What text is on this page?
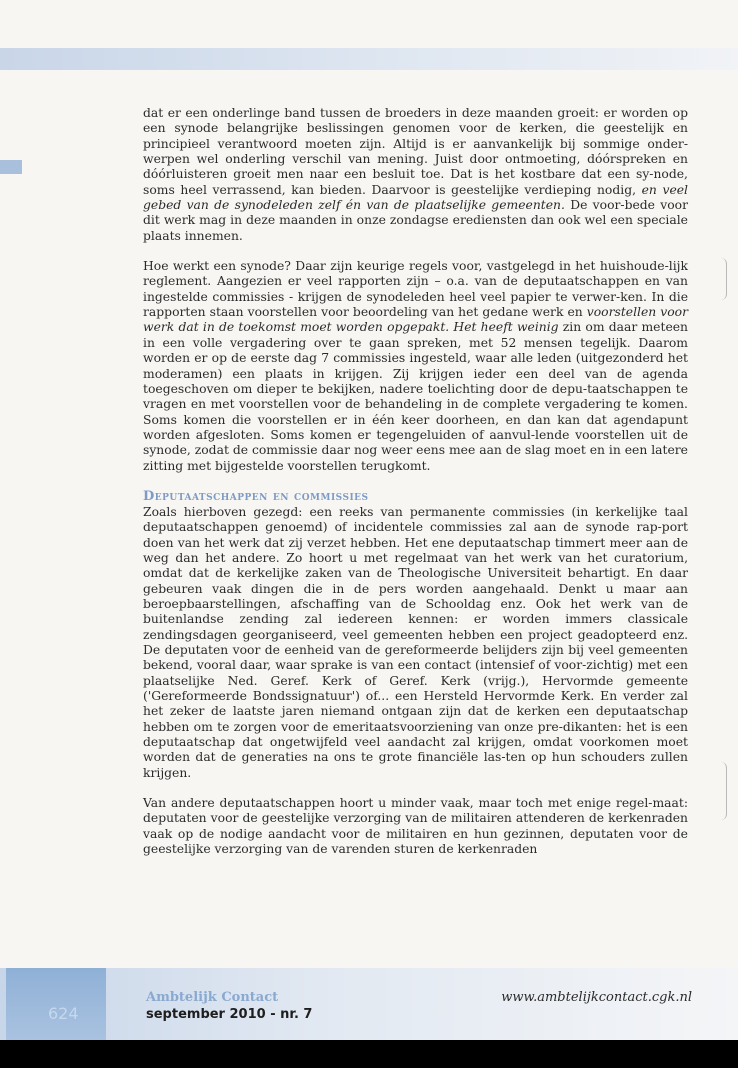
dat er een onderlinge band tussen de broeders in deze maanden groeit: er worden op een synode belangrijke beslissingen genomen voor de kerken, die geestelijk en principieel verantwoord moeten zijn. Altijd is er aanvankelijk bij sommige onder-werpen wel onderling verschil van mening. Juist door ontmoeting, dóórspreken en dóórluisteren groeit men naar een besluit toe. Dat is het kostbare dat een sy-node, soms heel verrassend, kan bieden. Daarvoor is geestelijke verdieping nodig, en veel gebed van de synodeleden zelf én van de plaatselijke gemeenten. De voor-bede voor dit werk mag in deze maanden in onze zondagse erediensten dan ook wel een speciale plaats innemen.

Hoe werkt een synode? Daar zijn keurige regels voor, vastgelegd in het huishoude-lijk reglement. Aangezien er veel rapporten zijn – o.a. van de deputaatschappen en van ingestelde commissies - krijgen de synodeleden heel veel papier te verwer-ken. In die rapporten staan voorstellen voor beoordeling van het gedane werk en voorstellen voor werk dat in de toekomst moet worden opgepakt. Het heeft weinig zin om daar meteen in een volle vergadering over te gaan spreken, met 52 mensen tegelijk. Daarom worden er op de eerste dag 7 commissies ingesteld, waar alle leden (uitgezonderd het moderamen) een plaats in krijgen. Zij krijgen ieder een deel van de agenda toegeschoven om dieper te bekijken, nadere toelichting door de depu-taatschappen te vragen en met voorstellen voor de behandeling in de complete vergadering te komen. Soms komen die voorstellen er in één keer doorheen, en dan kan dat agendapunt worden afgesloten. Soms komen er tegengeluiden of aanvul-lende voorstellen uit de synode, zodat de commissie daar nog weer eens mee aan de slag moet en in een latere zitting met bijgestelde voorstellen terugkomt.

Deputaatschappen en commissies

Zoals hierboven gezegd: een reeks van permanente commissies (in kerkelijke taal deputaatschappen genoemd) of incidentele commissies zal aan de synode rap-port doen van het werk dat zij verzet hebben. Het ene deputaatschap timmert meer aan de weg dan het andere. Zo hoort u met regelmaat van het werk van het curatorium, omdat dat de kerkelijke zaken van de Theologische Universiteit behartigt. En daar gebeuren vaak dingen die in de pers worden aangehaald. Denkt u maar aan beroepbaarstellingen, afschaffing van de Schooldag enz. Ook het werk van de buitenlandse zending zal iedereen kennen: er worden immers classicale zendingsdagen georganiseerd, veel gemeenten hebben een project geadopteerd enz. De deputaten voor de eenheid van de gereformeerde belijders zijn bij veel gemeenten bekend, vooral daar, waar sprake is van een contact (intensief of voor-zichtig) met een plaatselijke Ned. Geref. Kerk of Geref. Kerk (vrijg.), Hervormde gemeente ('Gereformeerde Bondssignatuur') of... een Hersteld Hervormde Kerk. En verder zal het zeker de laatste jaren niemand ontgaan zijn dat de kerken een deputaatschap hebben om te zorgen voor de emeritaatsvoorziening van onze pre-dikanten: het is een deputaatschap dat ongetwijfeld veel aandacht zal krijgen, omdat voorkomen moet worden dat de generaties na ons te grote financiële las-ten op hun schouders zullen krijgen.

Van andere deputaatschappen hoort u minder vaak, maar toch met enige regel-maat: deputaten voor de geestelijke verzorging van de militairen attenderen de kerkenraden vaak op de nodige aandacht voor de militairen en hun gezinnen, deputaten voor de geestelijke verzorging van de varenden sturen de kerkenraden

624
Ambtelijk Contact
september 2010 - nr. 7
www.ambtelijkcontact.cgk.nl
